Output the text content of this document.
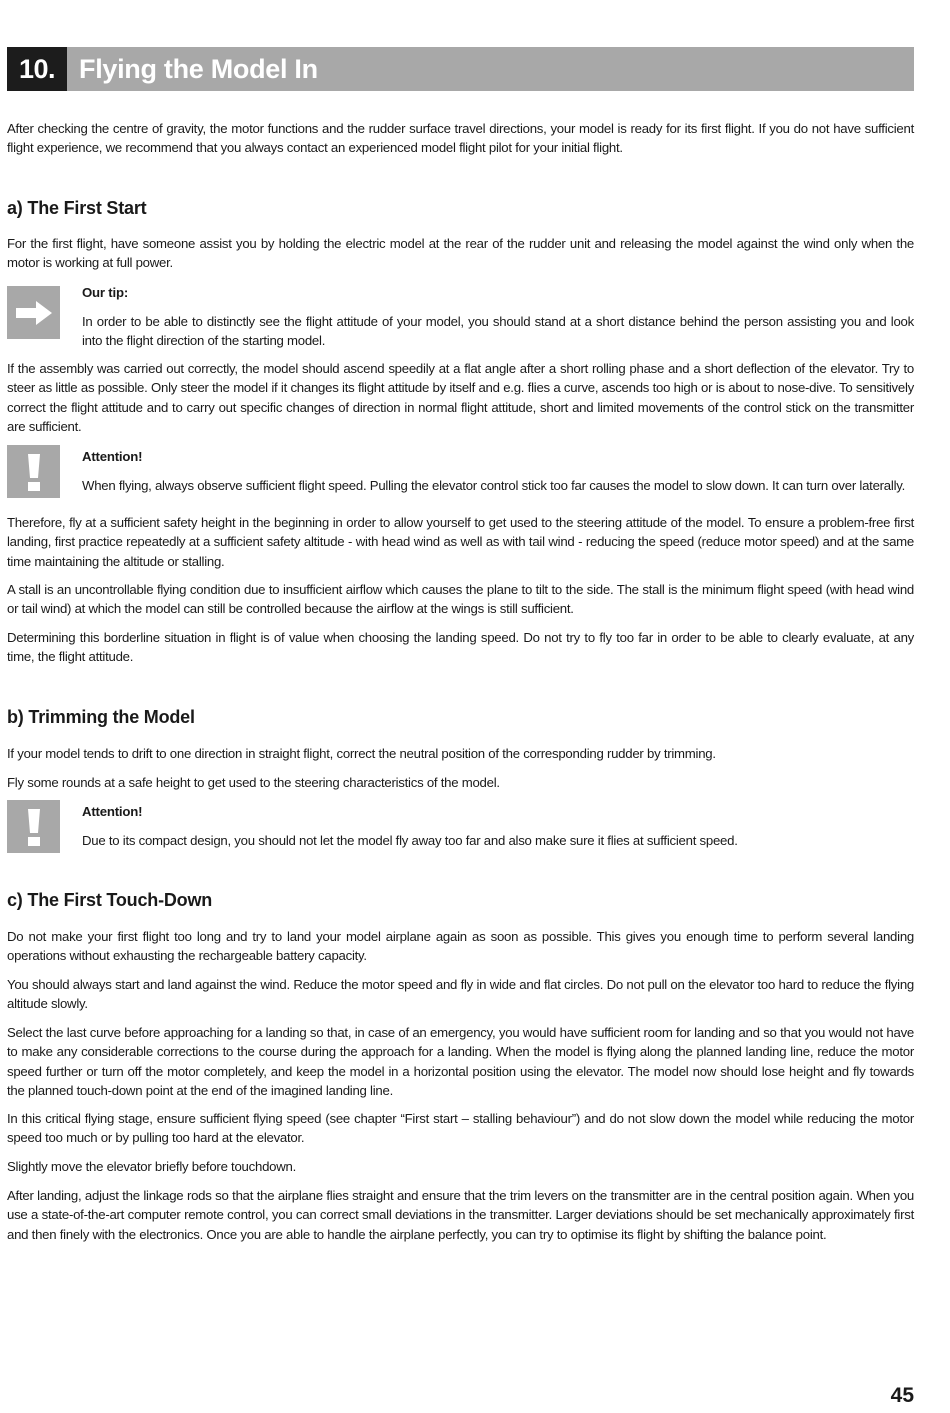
10. Flying the Model In

After checking the centre of gravity, the motor functions and the rudder surface travel directions, your model is ready for its first flight. If you do not have sufficient flight experience, we recommend that you always contact an experienced model flight pilot for your initial flight.

a) The First Start

For the first flight, have someone assist you by holding the electric model at the rear of the rudder unit and releasing the model against the wind only when the motor is working at full power.

Our tip:

In order to be able to distinctly see the flight attitude of your model, you should stand at a short distance behind the person assisting you and look into the flight direction of the starting model.

If the assembly was carried out correctly, the model should ascend speedily at a flat angle after a short rolling phase and a short deflection of the elevator. Try to steer as little as possible. Only steer the model if it changes its flight attitude by itself and e.g. flies a curve, ascends too high or is about to nose-dive. To sensitively correct the flight attitude and to carry out specific changes of direction in normal flight attitude, short and limited movements of the control stick on the transmitter are sufficient.

Attention!

When flying, always observe sufficient flight speed. Pulling the elevator control stick too far causes the model to slow down. It can turn over laterally.

Therefore, fly at a sufficient safety height in the beginning in order to allow yourself to get used to the steering attitude of the model. To ensure a problem-free first landing, first practice repeatedly at a sufficient safety altitude - with head wind as well as with tail wind - reducing the speed (reduce motor speed) and at the same time maintaining the altitude or stalling.

A stall is an uncontrollable flying condition due to insufficient airflow which causes the plane to tilt to the side. The stall is the minimum flight speed (with head wind or tail wind) at which the model can still be controlled because the airflow at the wings is still sufficient.

Determining this borderline situation in flight is of value when choosing the landing speed. Do not try to fly too far in order to be able to clearly evaluate, at any time, the flight attitude.

b) Trimming the Model

If your model tends to drift to one direction in straight flight, correct the neutral position of the corresponding rudder by trimming.

Fly some rounds at a safe height to get used to the steering characteristics of the model.

Attention!

Due to its compact design, you should not let the model fly away too far and also make sure it flies at sufficient speed.

c) The First Touch-Down

Do not make your first flight too long and try to land your model airplane again as soon as possible. This gives you enough time to perform several landing operations without exhausting the rechargeable battery capacity.

You should always start and land against the wind. Reduce the motor speed and fly in wide and flat circles. Do not pull on the elevator too hard to reduce the flying altitude slowly.

Select the last curve before approaching for a landing so that, in case of an emergency, you would have sufficient room for landing and so that you would not have to make any considerable corrections to the course during the approach for a landing. When the model is flying along the planned landing line, reduce the motor speed further or turn off the motor completely, and keep the model in a horizontal position using the elevator. The model now should lose height and fly towards the planned touch-down point at the end of the imagined landing line.

In this critical flying stage, ensure sufficient flying speed (see chapter “First start – stalling behaviour”) and do not slow down the model while reducing the motor speed too much or by pulling too hard at the elevator.

Slightly move the elevator briefly before touchdown.

After landing, adjust the linkage rods so that the airplane flies straight and ensure that the trim levers on the transmitter are in the central position again. When you use a state-of-the-art computer remote control, you can correct small deviations in the transmitter. Larger deviations should be set mechanically approximately first and then finely with the electronics. Once you are able to handle the airplane perfectly, you can try to optimise its flight by shifting the balance point.

45
